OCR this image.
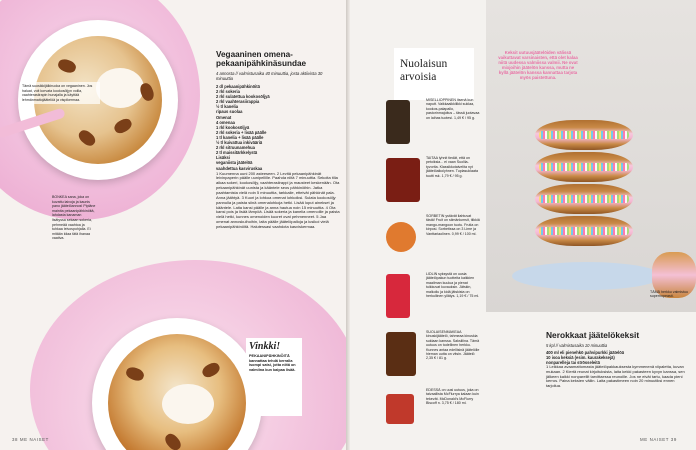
Tämä suosikkijälkiruoka on vegaaninen. Jos haluat, voit korvata kookosöljyn voilla, vaahterasiirapin hunajalla ja käyttää lehmänmaitojäätelöä ja vispikermaa.
BONKEA sana, joka on kuvattu laivoja ja kaunis pano jäätelöannos! Pipiäne mainita pekaanipähkinöitä, lahdasta kanaman lisätyssa sekaan sokeria, pehmeää vaahtoa ja tuhkaa leivospohjalla. Ei mitään kiiaa tätä ihanaa vaativa.
Vegaaninen omena-pekaanipähkinäsundae
4 annosta // valmistusaika 40 minuuttia, josta aktiivista 30 minuuttia
2 dl pekaanipähkinöitä
2 rkl sokeria
2 rkl sulatettua kookosöljyä
2 rkl vaahterasiirappia
½ tl kanelia
ripaus suolaa
Omenat
4 omenaa
1 rkl kookosöljyä
2 rkl sokeria + lisää päälle
1 tl kanelia + lisää päälle
½ tl kuivattua inkivääriä
2 rkl sitruunamehua
2 tl maissitärkkelystä
Lisäksi
veganiista jäätelöä
vaahdettua kasviruskaa
1 Kuumenna uuni 200 asteeseen. 2 Levitä pekaanipähkinät leivinpaperin päälle uunipellille. Paahda niitä 7 minuuttia. Sekoita tilia aikaa sokeri, kookosöljy, vaahterasiirappi ja mausteet keskenään. Ota pekaanipähkinät uunista ja kääntele seos pähkinöihin. Jatka paahtamista vielä noin 5 minuuttia, tarkkaile, etteivät pähkinät pala. Anna jäähtyä. 3 Kuori ja lohkoa omenat lohkoiksi. Sulata kookosöljy pannulla ja paista siinä omenalohkoja hetki. Lisää loput ainekset ja kääntele. Laita kansi päälle ja anna hautua noin 15 minuuttia. 4 Ota kansi pois ja lisää lämpöä. Lisää sokeria ja kanelia omenoille ja paista vielä hetki, kunnes omenoiden kuoret ovat pehmenneet. 5 Jaa omenat annoskulhoihin, laita päälle jäätelöpalloja ja lusikoi vielä pekaanipähkinöitä. Halutessasi vaahdota kasviskermaa.
Vinkki!

PEKAANIPÄHKINÖITÄ kannattaa tehdä kerralla isompi satsi, jotta niitä on valmiina kun kaipaa lisää.

38 ME NAISET
Keksit uutuusjäätelöiden välissä vaikuttavat varsinaisten, että olet kalaa niitä uudessa valmiissa valmii. Ne ovat mixjoihin jäätelön kanssa, mutta ne kyllä jäätelön kanssa kannattaa tarjota myös paistettuna.
TÄMÄ herkku valmistuu supernopeasti.
Nuolaisun
arvoisia
MISELLIOPPINEN itsenä kun naputt. Vaikkaaikkilikki suklaa, kookos-palapallo, pastorinmajoitus – tässä juotavaa on laihas tuotesi. 1,49 € / 95 g.
TAITAA lyhnit tiedät, että on petoiksia... ei vaan Suolila-tyvorita. Klassikkotaivelita nyt jäätelöaikolyhnen. Tuplasuklaata tuutti rsk. 1,79 € / 95 g.
SORBETIN ystävät ilahtuvat tästä! Fruit on silmänlumsit, tiikkiä mango-mangoon tuotu. Frutia on kirposi. Sorbetissa on 3 Lime ja Vanttariaolinen. 0,99 € / 100 ml.
LIDLIN syksystä on uusia jäätelöpakun tuotteita kaikkien maailman kuulua ja pienat tuikkuvat kuvauksin. Jätskin, malkoilu ja kidä jätskista on herkullinen yllätys. 1,19 € / 75 ml.
SUOLAISENMAKEAA kinuskijäätelö, tahmeaa kinuskia suklaan kanssa. Saksiliina. Tämä uutuus on todellinen herkku. Kunnes antaa edellisinä jäätelölle hieman uutta on vitsin. Jäätelö 2,35 € / 81 g.
EDESSÄ on uusi uutuus, joka on taivaallista McFlurrya kalaan kuin tekevät. McDonald's McFlurry Biscoff n. 3,75 € / 180 ml.
Nerokkaat jäätelökeksit
5 kpl // valmistusaika 10 minuuttia
400 ml eli pienehkö pahvipurkki jäätelöä
10 isoa keksiä (esim. kaurakeksejä)
nonparelleja tai strösseleitä
1 Leikkaa avaamattomasta jäätelöpakkauksesta kymmenenä viipaletta, kuvan mukaan. 2 Kiertä reunat kirjoituksista, laita kekki pakasteen kyvyn kanssa, sen jälkeen kaikki nonparellit tarvittaessa reunoille. Jos ne eivät tartu, kaada pieni kerros. Paina keksien väliin. Laita pakastimeen noin 20 minuutiksi ennen tarjoilua.
ME NAISET 39
